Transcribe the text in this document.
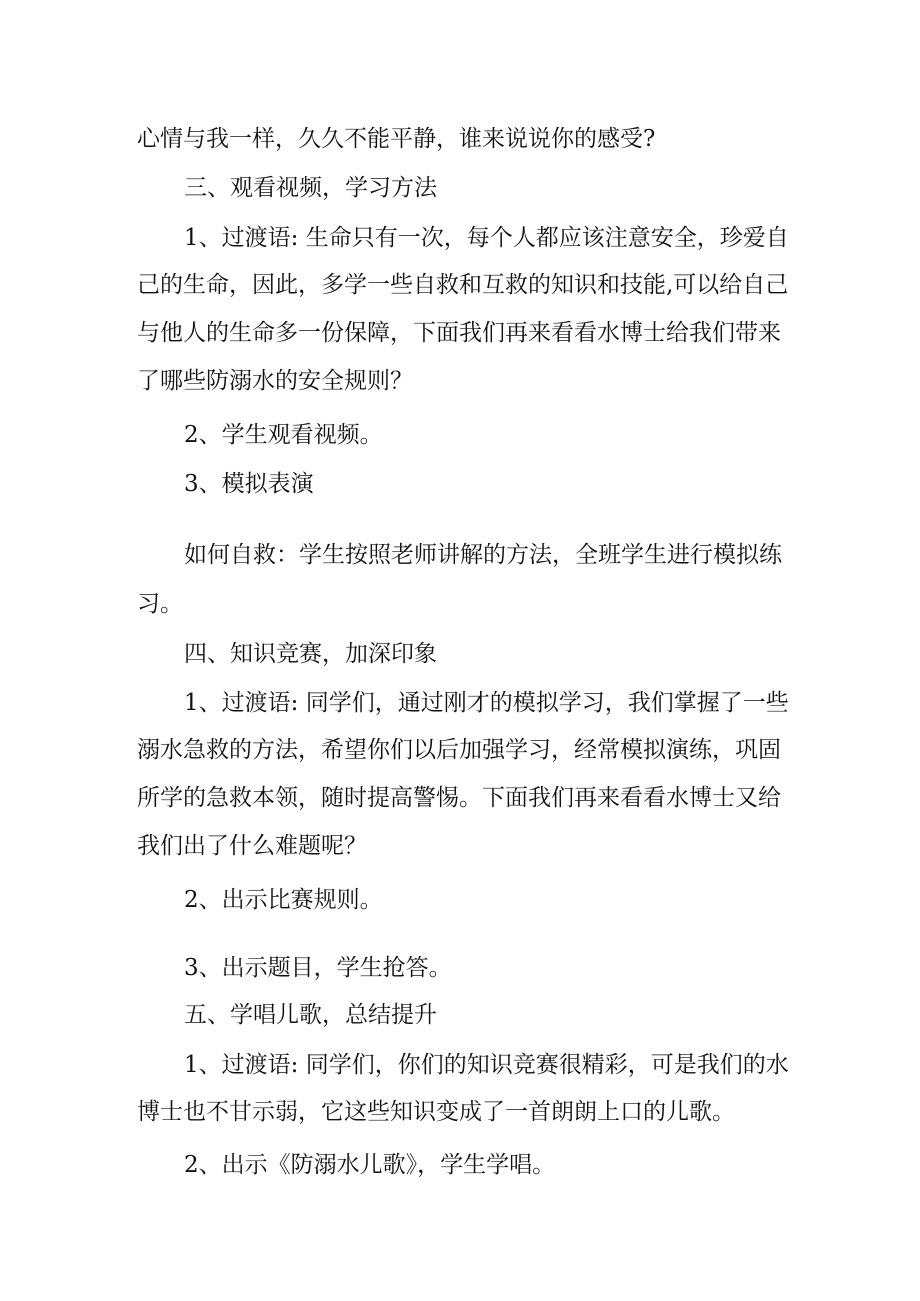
心情与我一样，久久不能平静，谁来说说你的感受?
三、观看视频，学习方法
1、过渡语: 生命只有一次，每个人都应该注意安全，珍爱自
己的生命，因此，多学一些自救和互救的知识和技能,可以给自己
与他人的生命多一份保障，下面我们再来看看水博士给我们带来
了哪些防溺水的安全规则？
2、学生观看视频。
3、模拟表演
如何自救：学生按照老师讲解的方法，全班学生进行模拟练
习。
四、知识竞赛，加深印象
1、过渡语: 同学们，通过刚才的模拟学习，我们掌握了一些
溺水急救的方法，希望你们以后加强学习，经常模拟演练，巩固
所学的急救本领，随时提高警惕。下面我们再来看看水博士又给
我们出了什么难题呢？
2、出示比赛规则。
3、出示题目，学生抢答。
五、学唱儿歌，总结提升
1、过渡语: 同学们，你们的知识竞赛很精彩，可是我们的水
博士也不甘示弱，它这些知识变成了一首朗朗上口的儿歌。
2、出示《防溺水儿歌》，学生学唱。
